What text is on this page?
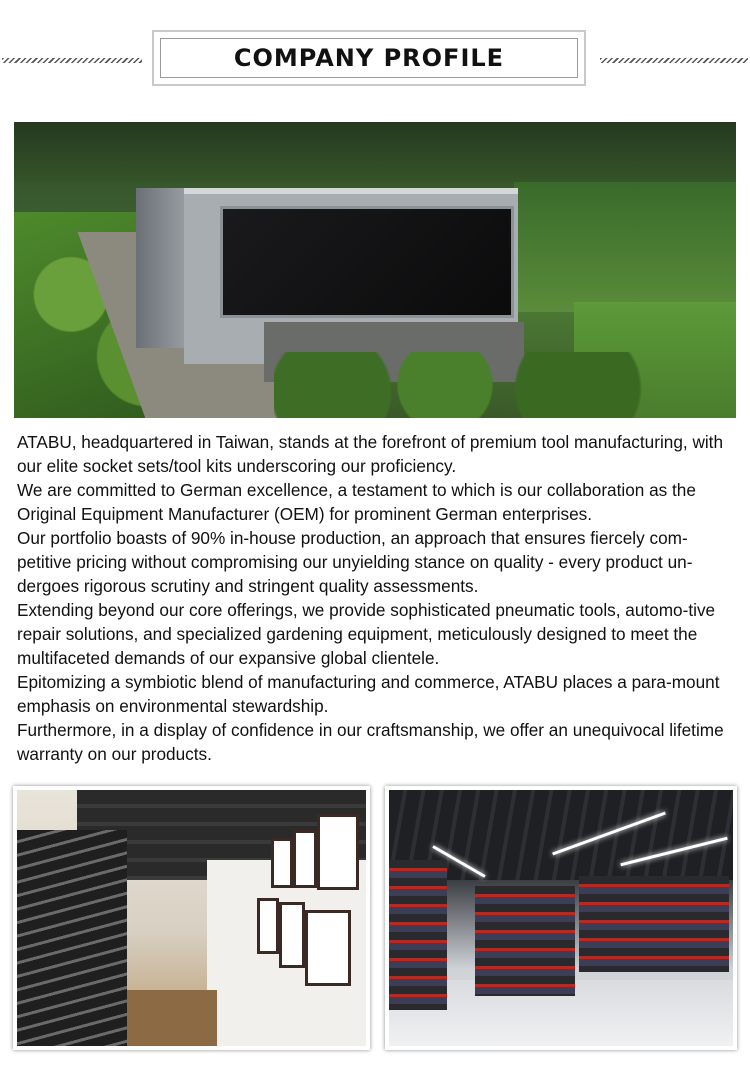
COMPANY PROFILE

ATABU, headquartered in Taiwan, stands at the forefront of premium tool manufacturing, with our elite socket sets/tool kits underscoring our proficiency.

We are committed to German excellence, a testament to which is our collaboration as the Original Equipment Manufacturer (OEM) for prominent German enterprises.

Our portfolio boasts of 90% in-house production, an approach that ensures fiercely com-petitive pricing without compromising our unyielding stance on quality - every product un-dergoes rigorous scrutiny and stringent quality assessments.

Extending beyond our core offerings, we provide sophisticated pneumatic tools, automo-tive repair solutions, and specialized gardening equipment, meticulously designed to meet the multifaceted demands of our expansive global clientele.

Epitomizing a symbiotic blend of manufacturing and commerce, ATABU places a para-mount emphasis on environmental stewardship.

Furthermore, in a display of confidence in our craftsmanship, we offer an unequivocal lifetime warranty on our products.
